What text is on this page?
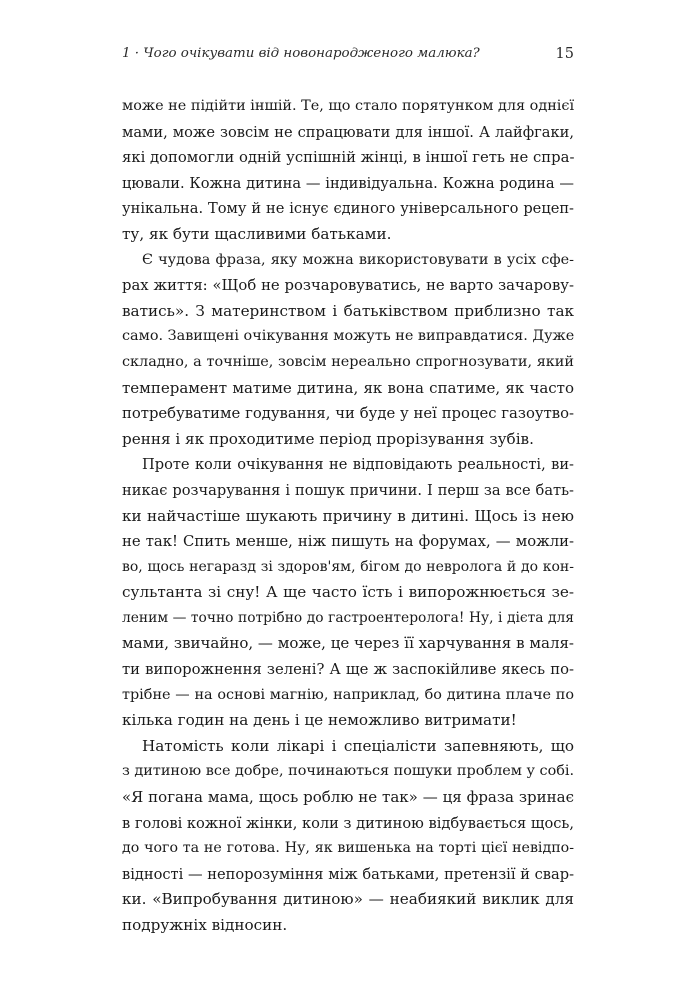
1 · Чого очікувати від новонародженого малюка?	15
може не підійти іншій. Те, що стало порятунком для однієї
мами, може зовсім не спрацювати для іншої. А лайфгаки,
які допомогли одній успішній жінці, в іншої геть не спра-
цювали. Кожна дитина — індивідуальна. Кожна родина —
унікальна. Тому й не існує єдиного універсального рецеп-
ту, як бути щасливими батьками.
Є чудова фраза, яку можна використовувати в усіх сфе-
рах життя: «Щоб не розчаровуватись, не варто зачарову-
ватись». З материнством і батьківством приблизно так
само. Завищені очікування можуть не виправдатися. Дуже
складно, а точніше, зовсім нереально спрогнозувати, який
темперамент матиме дитина, як вона спатиме, як часто
потребуватиме годування, чи буде у неї процес газоутво-
рення і як проходитиме період прорізування зубів.
Проте коли очікування не відповідають реальності, ви-
никає розчарування і пошук причини. І перш за все бать-
ки найчастіше шукають причину в дитині. Щось із нею
не так! Спить менше, ніж пишуть на форумах, — можли-
во, щось негаразд зі здоров'ям, бігом до невролога й до кон-
сультанта зі сну! А ще часто їсть і випорожнюється зе-
леним — точно потрібно до гастроентеролога! Ну, і дієта для
мами, звичайно, — може, це через її харчування в маля-
ти випорожнення зелені? А ще ж заспокійливе якесь по-
трібне — на основі магнію, наприклад, бо дитина плаче по
кілька годин на день і це неможливо витримати!
Натомість коли лікарі і спеціалісти запевняють, що
з дитиною все добре, починаються пошуки проблем у собі.
«Я погана мама, щось роблю не так» — ця фраза зринає
в голові кожної жінки, коли з дитиною відбувається щось,
до чого та не готова. Ну, як вишенька на торті цієї невідпо-
відності — непорозуміння між батьками, претензії й свар-
ки. «Випробування дитиною» — неабиякий виклик для
подружніх відносин.
